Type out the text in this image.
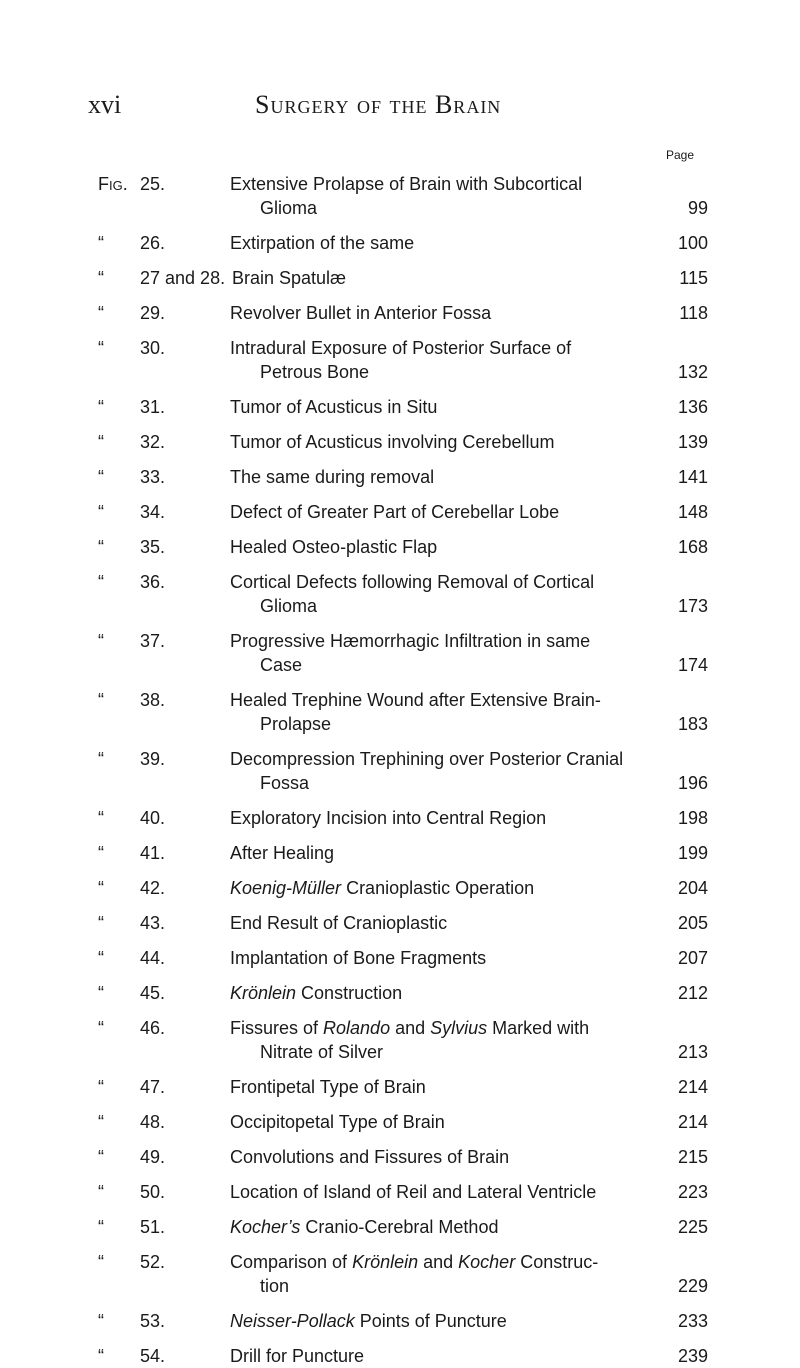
xvi	Surgery of the Brain
Page
Fig. 25.	Extensive Prolapse of Brain with Subcortical
Glioma	99
“	26.	Extirpation of the same	100
“	27 and 28. Brain Spatulæ	115
“	29.	Revolver Bullet in Anterior Fossa	118
“	30.	Intradural Exposure of Posterior Surface of
Petrous Bone	132
“	31.	Tumor of Acusticus in Situ	136
“	32.	Tumor of Acusticus involving Cerebellum	139
“	33.	The same during removal	141
“	34.	Defect of Greater Part of Cerebellar Lobe	148
“	35.	Healed Osteo-plastic Flap	168
“	36.	Cortical Defects following Removal of Cortical
Glioma	173
“	37.	Progressive Hæmorrhagic Infiltration in same
Case	174
“	38.	Healed Trephine Wound after Extensive Brain-
Prolapse	183
“	39.	Decompression Trephining over Posterior Cranial
Fossa	196
“	40.	Exploratory Incision into Central Region	198
“	41.	After Healing	199
“	42.	Koenig-Müller Cranioplastic Operation	204
“	43.	End Result of Cranioplastic	205
“	44.	Implantation of Bone Fragments	207
“	45.	Krönlein Construction	212
“	46.	Fissures of Rolando and Sylvius Marked with
Nitrate of Silver	213
“	47.	Frontipetal Type of Brain	214
“	48.	Occipitopetal Type of Brain	214
“	49.	Convolutions and Fissures of Brain	215
“	50.	Location of Island of Reil and Lateral Ventricle	223
“	51.	Kocher’s Cranio-Cerebral Method	225
“	52.	Comparison of Krönlein and Kocher Construc-
tion	229
“	53.	Neisser-Pollack Points of Puncture	233
“	54.	Drill for Puncture	239
